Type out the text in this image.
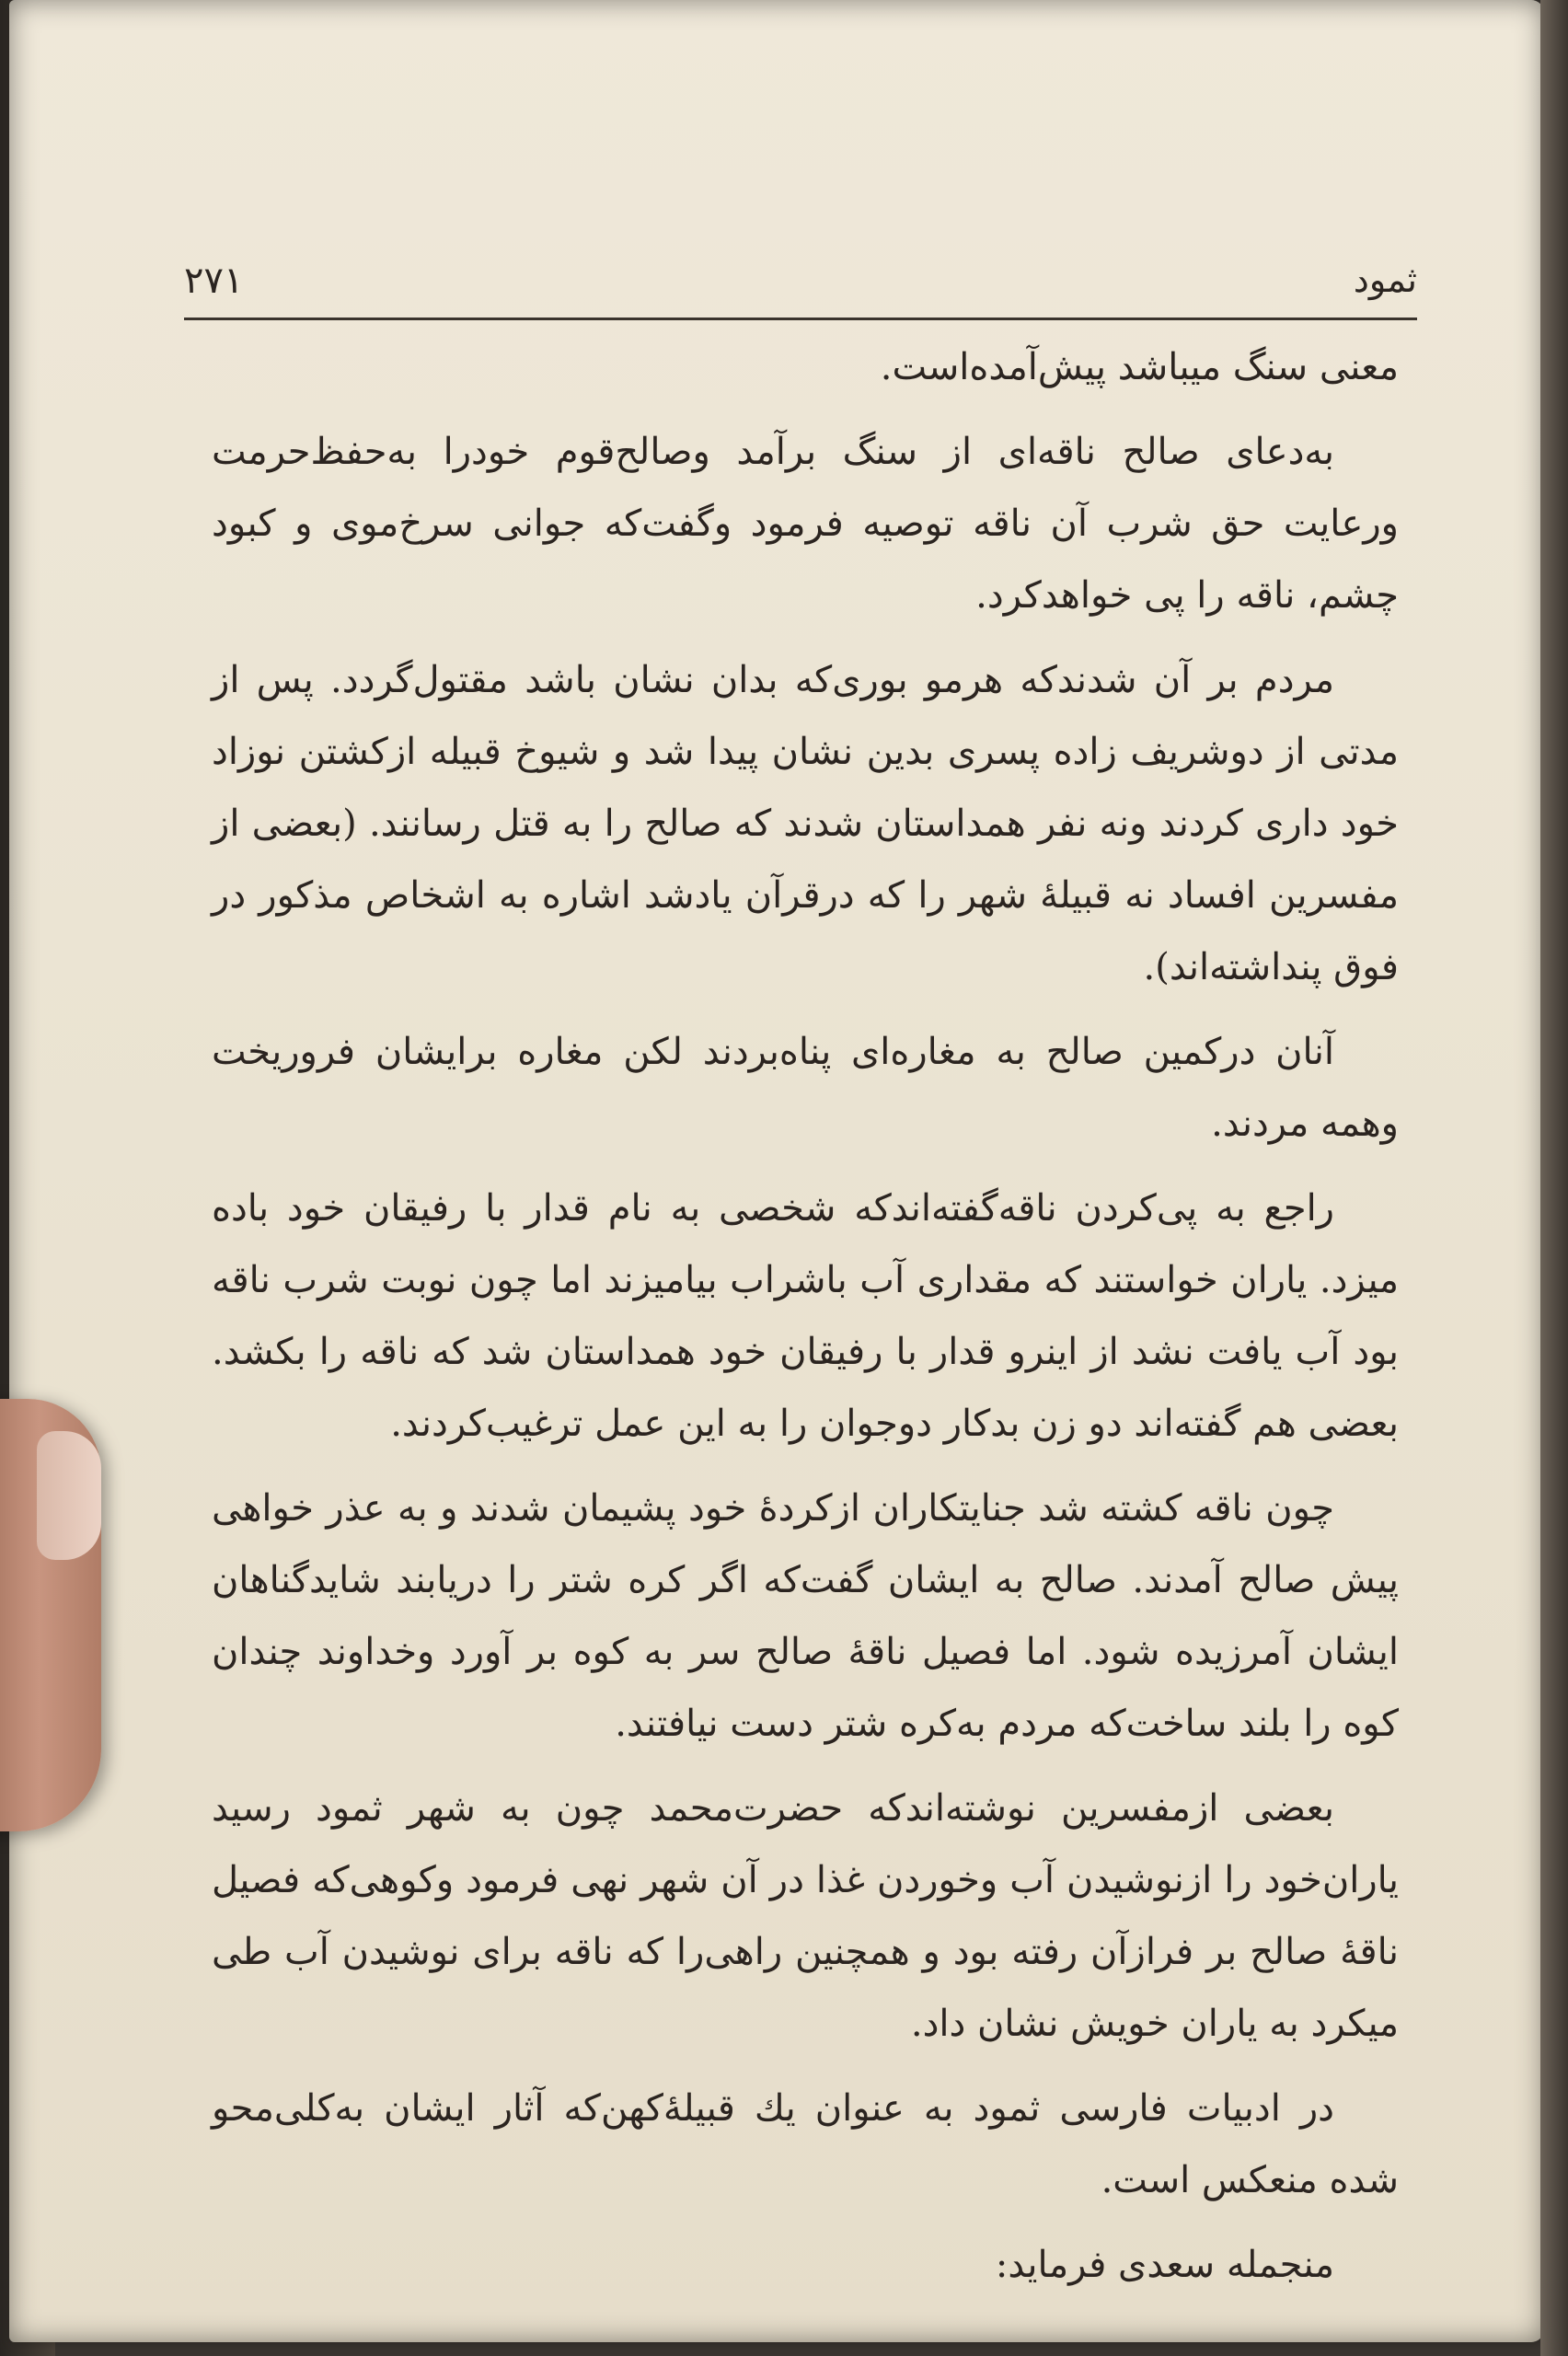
ثمود
۲۷۱

معنی سنگ میباشد پیش‌آمده‌است.

به‌دعای صالح ناقه‌ای از سنگ برآمد وصالح‌قوم خودرا به‌حفظ‌حرمت ورعایت حق شرب آن ناقه توصیه فرمود وگفت‌که جوانی سرخ‌موی و کبود چشم، ناقه را پی خواهدکرد.

مردم بر آن شدندکه هرمو بوری‌که بدان نشان باشد مقتول‌گردد. پس از مدتی از دوشریف زاده پسری بدین نشان پیدا شد و شیوخ قبیله ازکشتن نوزاد خود داری کردند ونه نفر همداستان شدند که صالح را به قتل رسانند. (بعضی از مفسرین افساد نه قبیلهٔ شهر را که درقرآن یادشد اشاره به اشخاص مذکور در فوق پنداشته‌اند).

آنان درکمین صالح به مغاره‌ای پناه‌بردند لکن مغاره برایشان فروریخت وهمه مردند.

راجع به پی‌کردن ناقه‌گفته‌اندکه شخصی به نام قدار با رفیقان خود باده میزد. یاران خواستند که مقداری آب باشراب بیامیزند اما چون نوبت شرب ناقه بود آب یافت نشد از اینرو قدار با رفیقان خود همداستان شد که ناقه را بکشد. بعضی هم گفته‌اند دو زن بدکار دوجوان را به این عمل ترغیب‌کردند.

چون ناقه کشته شد جنایتکاران ازکردهٔ خود پشیمان شدند و به عذر خواهی پیش صالح آمدند. صالح به ایشان گفت‌که اگر کره شتر را دریابند شایدگناهان ایشان آمرزیده شود. اما فصیل ناقهٔ صالح سر به کوه بر آورد وخداوند چندان کوه را بلند ساخت‌که مردم به‌کره شتر دست نیافتند.

بعضی ازمفسرین نوشته‌اندکه حضرت‌محمد چون به شهر ثمود رسید یاران‌خود را ازنوشیدن آب وخوردن غذا در آن شهر نهی فرمود وکوهی‌که فصیل ناقهٔ صالح بر فرازآن رفته بود و همچنین راهی‌را که ناقه برای نوشیدن آب طی میکرد به یاران خویش نشان داد.

در ادبیات فارسی ثمود به عنوان یك قبیلهٔ‌کهن‌که آثار ایشان به‌کلی‌محو شده منعکس است.

منجمله سعدی فرماید:
